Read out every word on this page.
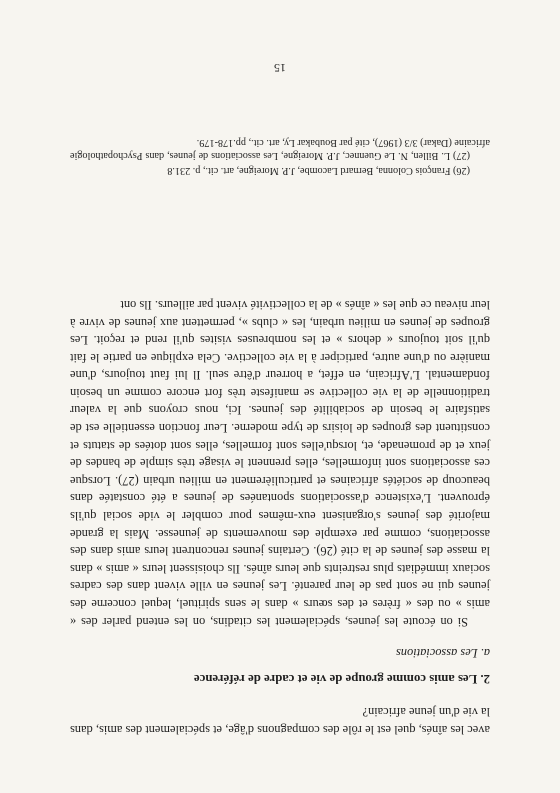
avec les aînés, quel est le rôle des compagnons d'âge, et spécialement des amis, dans la vie d'un jeune africain?

2. Les amis comme groupe de vie et cadre de référence

a. Les associations

Si on écoute les jeunes, spécialement les citadins, on les entend parler des « amis » ou des « frères et des sœurs » dans le sens spirituel, lequel concerne des jeunes qui ne sont pas de leur parenté. Les jeunes en ville vivent dans des cadres sociaux immédiats plus restreints que leurs aînés. Ils choisissent leurs « amis » dans la masse des jeunes de la cité (26). Certains jeunes rencontrent leurs amis dans des associations, comme par exemple des mouvements de jeunesse. Mais la grande majorité des jeunes s'organisent eux-mêmes pour combler le vide social qu'ils éprouvent. L'existence d'associations spontanées de jeunes a été constatée dans beaucoup de sociétés africaines et particulièrement en milieu urbain (27). Lorsque ces associations sont informelles, elles prennent le visage très simple de bandes de jeux et de promenade, et, lorsqu'elles sont formelles, elles sont dotées de statuts et constituent des groupes de loisirs de type moderne. Leur fonction essentielle est de satisfaire le besoin de sociabilité des jeunes. Ici, nous croyons que la valeur traditionnelle de la vie collective se manifeste très fort encore comme un besoin fondamental. L'Africain, en effet, a horreur d'être seul. Il lui faut toujours, d'une manière ou d'une autre, participer à la vie collective. Cela explique en partie le fait qu'il soit toujours « dehors » et les nombreuses visites qu'il rend et reçoit. Les groupes de jeunes en milieu urbain, les « clubs », permettent aux jeunes de vivre à leur niveau ce que les « aînés » de la collectivité vivent par ailleurs. Ils ont

(26) François Colonna, Bernard Lacombe, J.P. Moreigne, art. cit., p. 231.8

(27) L. Billen, N. Le Guennec, J.P. Moreigne, Les associations de jeunes, dans Psychopathologie africaine (Dakar) 3/3 (1967), cité par Boubakar Ly, art. cit., pp.178-179.

15
